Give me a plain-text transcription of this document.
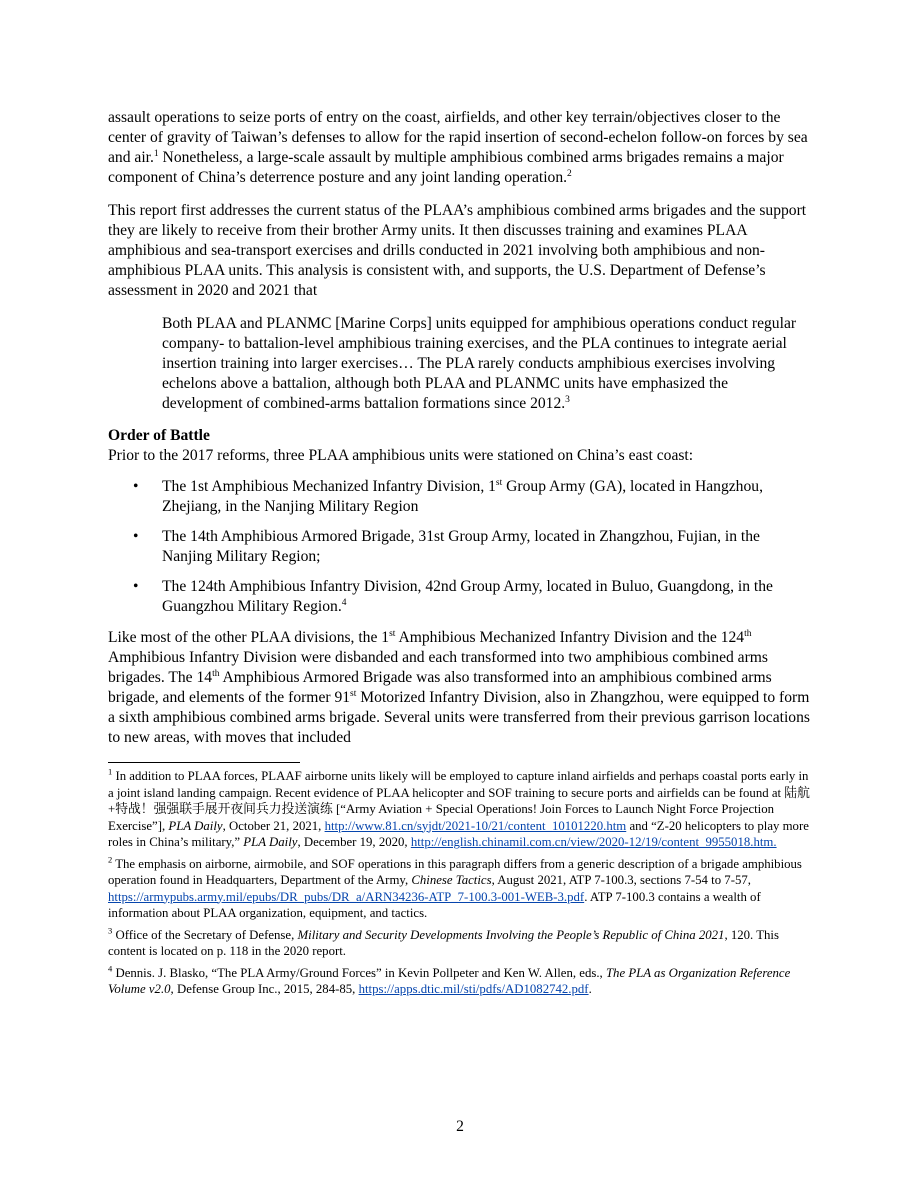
assault operations to seize ports of entry on the coast, airfields, and other key terrain/objectives closer to the center of gravity of Taiwan’s defenses to allow for the rapid insertion of second-echelon follow-on forces by sea and air.$^1$ Nonetheless, a large-scale assault by multiple amphibious combined arms brigades remains a major component of China’s deterrence posture and any joint landing operation.$^2$

This report first addresses the current status of the PLAA’s amphibious combined arms brigades and the support they are likely to receive from their brother Army units. It then discusses training and examines PLAA amphibious and sea-transport exercises and drills conducted in 2021 involving both amphibious and non-amphibious PLAA units. This analysis is consistent with, and supports, the U.S. Department of Defense’s assessment in 2020 and 2021 that

Both PLAA and PLANMC [Marine Corps] units equipped for amphibious operations conduct regular company- to battalion-level amphibious training exercises, and the PLA continues to integrate aerial insertion training into larger exercises… The PLA rarely conducts amphibious exercises involving echelons above a battalion, although both PLAA and PLANMC units have emphasized the development of combined-arms battalion formations since 2012.$^3$

Order of Battle

Prior to the 2017 reforms, three PLAA amphibious units were stationed on China’s east coast:

• The 1st Amphibious Mechanized Infantry Division, 1st Group Army (GA), located in Hangzhou, Zhejiang, in the Nanjing Military Region
• The 14th Amphibious Armored Brigade, 31st Group Army, located in Zhangzhou, Fujian, in the Nanjing Military Region;
• The 124th Amphibious Infantry Division, 42nd Group Army, located in Buluo, Guangdong, in the Guangzhou Military Region.$^4$

Like most of the other PLAA divisions, the 1st Amphibious Mechanized Infantry Division and the 124th Amphibious Infantry Division were disbanded and each transformed into two amphibious combined arms brigades. The 14th Amphibious Armored Brigade was also transformed into an amphibious combined arms brigade, and elements of the former 91st Motorized Infantry Division, also in Zhangzhou, were equipped to form a sixth amphibious combined arms brigade. Several units were transferred from their previous garrison locations to new areas, with moves that included

$^1$ In addition to PLAA forces, PLAAF airborne units likely will be employed to capture inland airfields and perhaps coastal ports early in a joint island landing campaign. Recent evidence of PLAA helicopter and SOF training to secure ports and airfields can be found at 陆航+特战！强强联手展开夜间兵力投送演练 [“Army Aviation + Special Operations! Join Forces to Launch Night Force Projection Exercise”], PLA Daily, October 21, 2021, http://www.81.cn/syjdt/2021-10/21/content_10101220.htm and “Z-20 helicopters to play more roles in China’s military,” PLA Daily, December 19, 2020, http://english.chinamil.com.cn/view/2020-12/19/content_9955018.htm.

$^2$ The emphasis on airborne, airmobile, and SOF operations in this paragraph differs from a generic description of a brigade amphibious operation found in Headquarters, Department of the Army, Chinese Tactics, August 2021, ATP 7-100.3, sections 7-54 to 7-57, https://armypubs.army.mil/epubs/DR_pubs/DR_a/ARN34236-ATP_7-100.3-001-WEB-3.pdf. ATP 7-100.3 contains a wealth of information about PLAA organization, equipment, and tactics.

$^3$ Office of the Secretary of Defense, Military and Security Developments Involving the People’s Republic of China 2021, 120. This content is located on p. 118 in the 2020 report.

$^4$ Dennis. J. Blasko, “The PLA Army/Ground Forces” in Kevin Pollpeter and Ken W. Allen, eds., The PLA as Organization Reference Volume v2.0, Defense Group Inc., 2015, 284-85, https://apps.dtic.mil/sti/pdfs/AD1082742.pdf.

2
